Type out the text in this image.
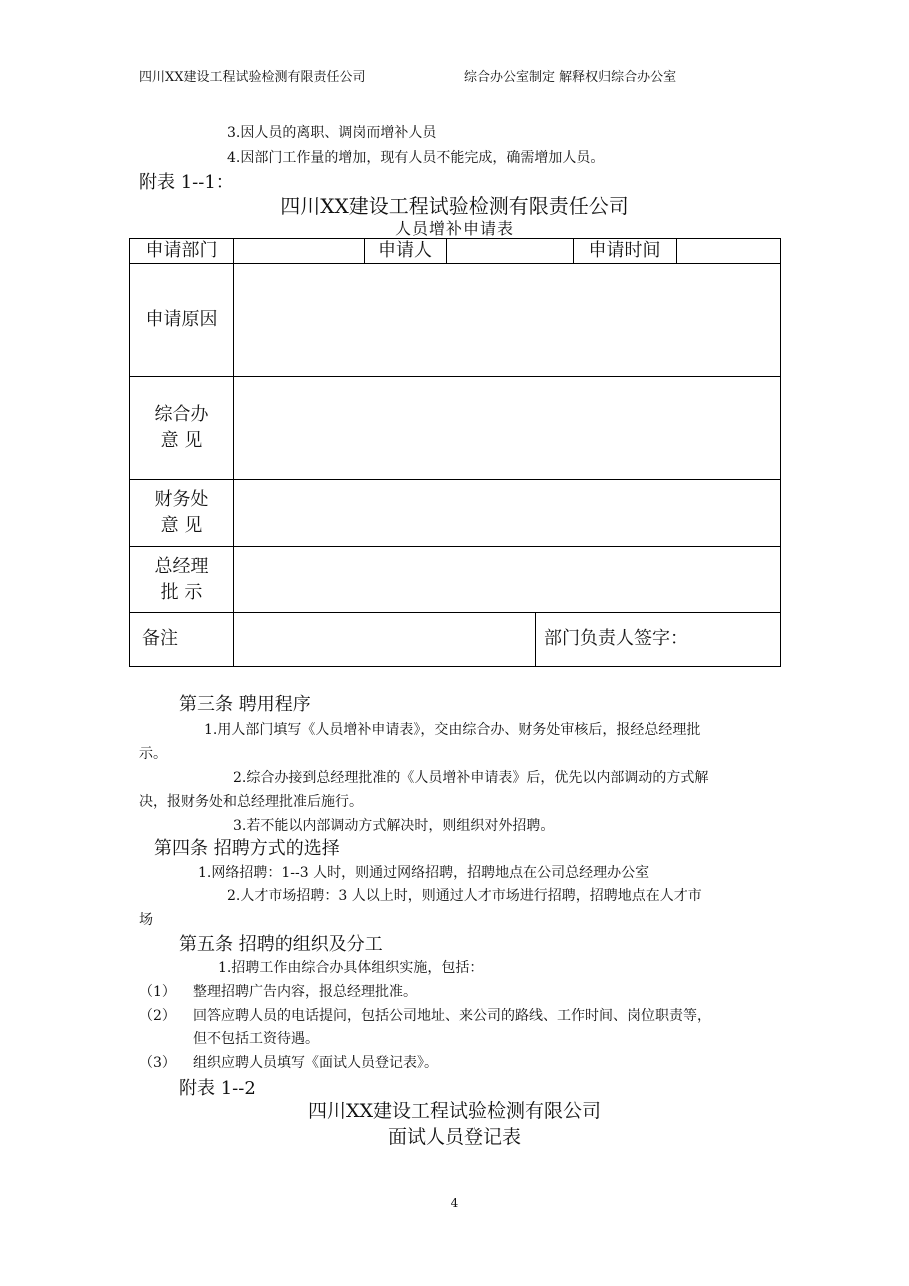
四川XX建设工程试验检测有限责任公司	综合办公室制定 解释权归综合办公室
3.因人员的离职、调岗而增补人员
4.因部门工作量的增加，现有人员不能完成，确需增加人员。
附表 1--1：
四川XX建设工程试验检测有限责任公司
人员增补申请表
申请部门	申请人	申请时间
申请原因
综合办
意 见
财务处
意 见
总经理
批 示
备注	部门负责人签字：
第三条 聘用程序
1.用人部门填写《人员增补申请表》，交由综合办、财务处审核后，报经总经理批
示。
2.综合办接到总经理批准的《人员增补申请表》后，优先以内部调动的方式解
决，报财务处和总经理批准后施行。
3.若不能以内部调动方式解决时，则组织对外招聘。
第四条 招聘方式的选择
1.网络招聘：1--3 人时，则通过网络招聘，招聘地点在公司总经理办公室
2.人才市场招聘：3 人以上时，则通过人才市场进行招聘，招聘地点在人才市
场
第五条 招聘的组织及分工
1.招聘工作由综合办具体组织实施，包括：
（1） 整理招聘广告内容，报总经理批准。
（2） 回答应聘人员的电话提问，包括公司地址、来公司的路线、工作时间、岗位职责等，
但不包括工资待遇。
（3） 组织应聘人员填写《面试人员登记表》。
附表 1--2
四川XX建设工程试验检测有限公司
面试人员登记表
4
